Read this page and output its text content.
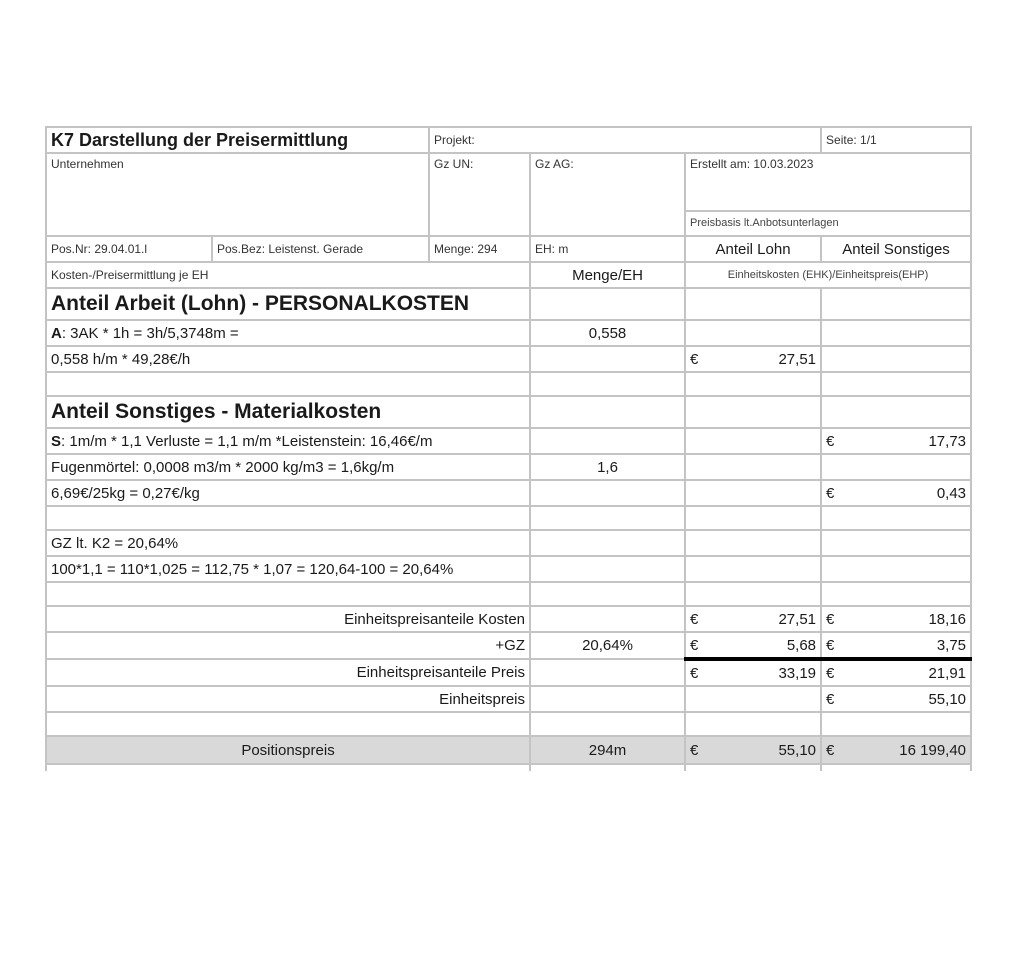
K7 Darstellung der Preisermittlung		Projekt:			Seite: 1/1
Unternehmen		Gz UN:	Gz AG:	Erstellt am: 10.03.2023	
				Preisbasis lt.Anbotsunterlagen	
Pos.Nr: 29.04.01.l	Pos.Bez: Leistenst. Gerade	Menge: 294	EH: m	Anteil Lohn	Anteil Sonstiges
Kosten-/Preisermittlung je EH			Menge/EH	Einheitskosten (EHK)/Einheitspreis(EHP)	
Anteil Arbeit (Lohn) - PERSONALKOSTEN					
A: 3AK * 1h = 3h/5,3748m =			0,558		
0,558 h/m * 49,28€/h				€ 27,51	

Anteil Sonstiges - Materialkosten					
S: 1m/m * 1,1 Verluste = 1,1 m/m *Leistenstein: 16,46€/m					€ 17,73

Fugenmörtel: 0,0008 m3/m * 2000 kg/m3 = 1,6kg/m			1,6		
6,69€/25kg = 0,27€/kg					€ 0,43

GZ lt. K2 = 20,64%					
100*1,1 = 110*1,025 = 112,75 * 1,07 = 120,64-100 = 20,64%					

Einheitspreisanteile Kosten				€ 27,51	€ 18,16

+GZ			20,64%	€ 5,68	€ 3,75

Einheitspreisanteile Preis				€ 33,19	€ 21,91

Einheitspreis					€ 55,10

Positionspreis			294m	€ 55,10	€ 16 199,40
